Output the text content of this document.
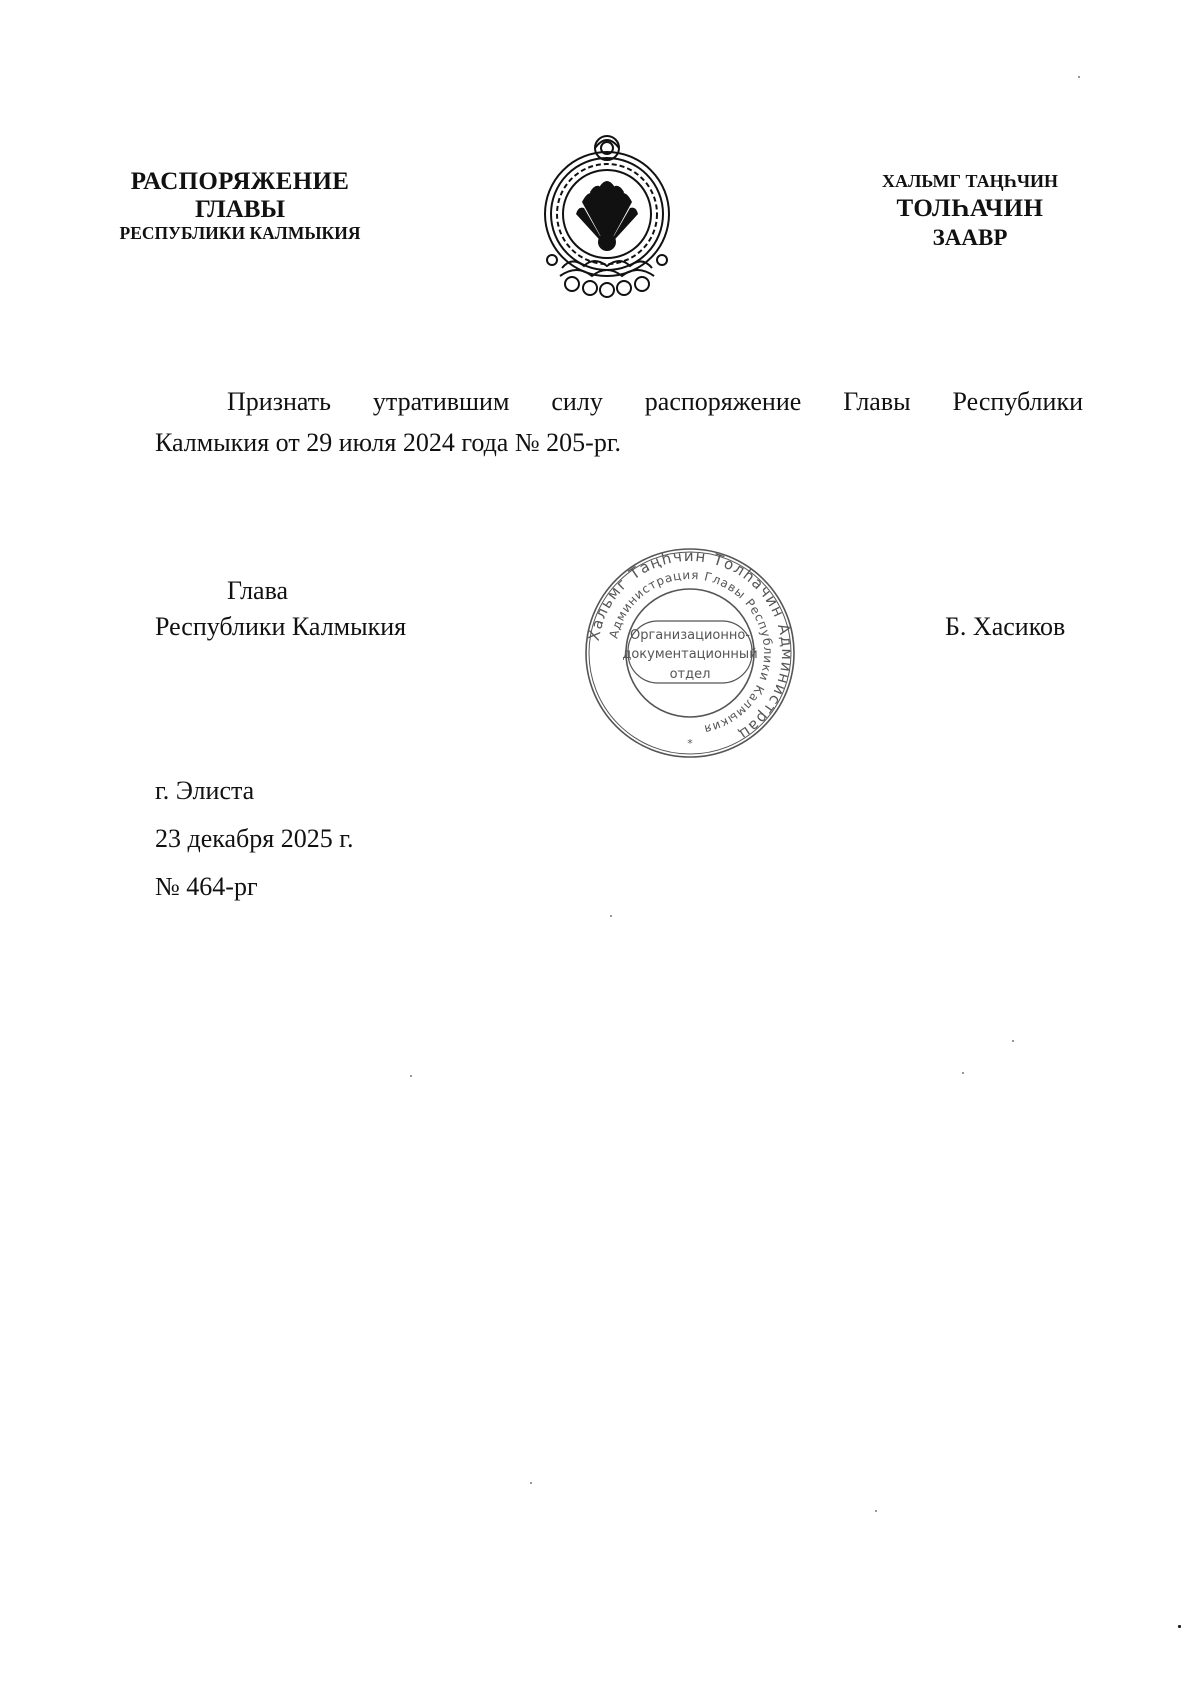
РАСПОРЯЖЕНИЕ
ГЛАВЫ
РЕСПУБЛИКИ КАЛМЫКИЯ
ХАЛЬМГ ТАҢҺЧИН
ТОЛҺАЧИН
ЗААВР
Признать утратившим силу распоряжение Главы Республики
Калмыкия от 29 июля 2024 года № 205-рг.
Глава
Республики Калмыкия	Хальмг Таңһчин Толһачин Администрац
Администрация Главы Республики Калмыкия
Организационно-
документационный
отдел
*
Б. Хасиков
г. Элиста
23 декабря 2025 г.
№ 464-рг
